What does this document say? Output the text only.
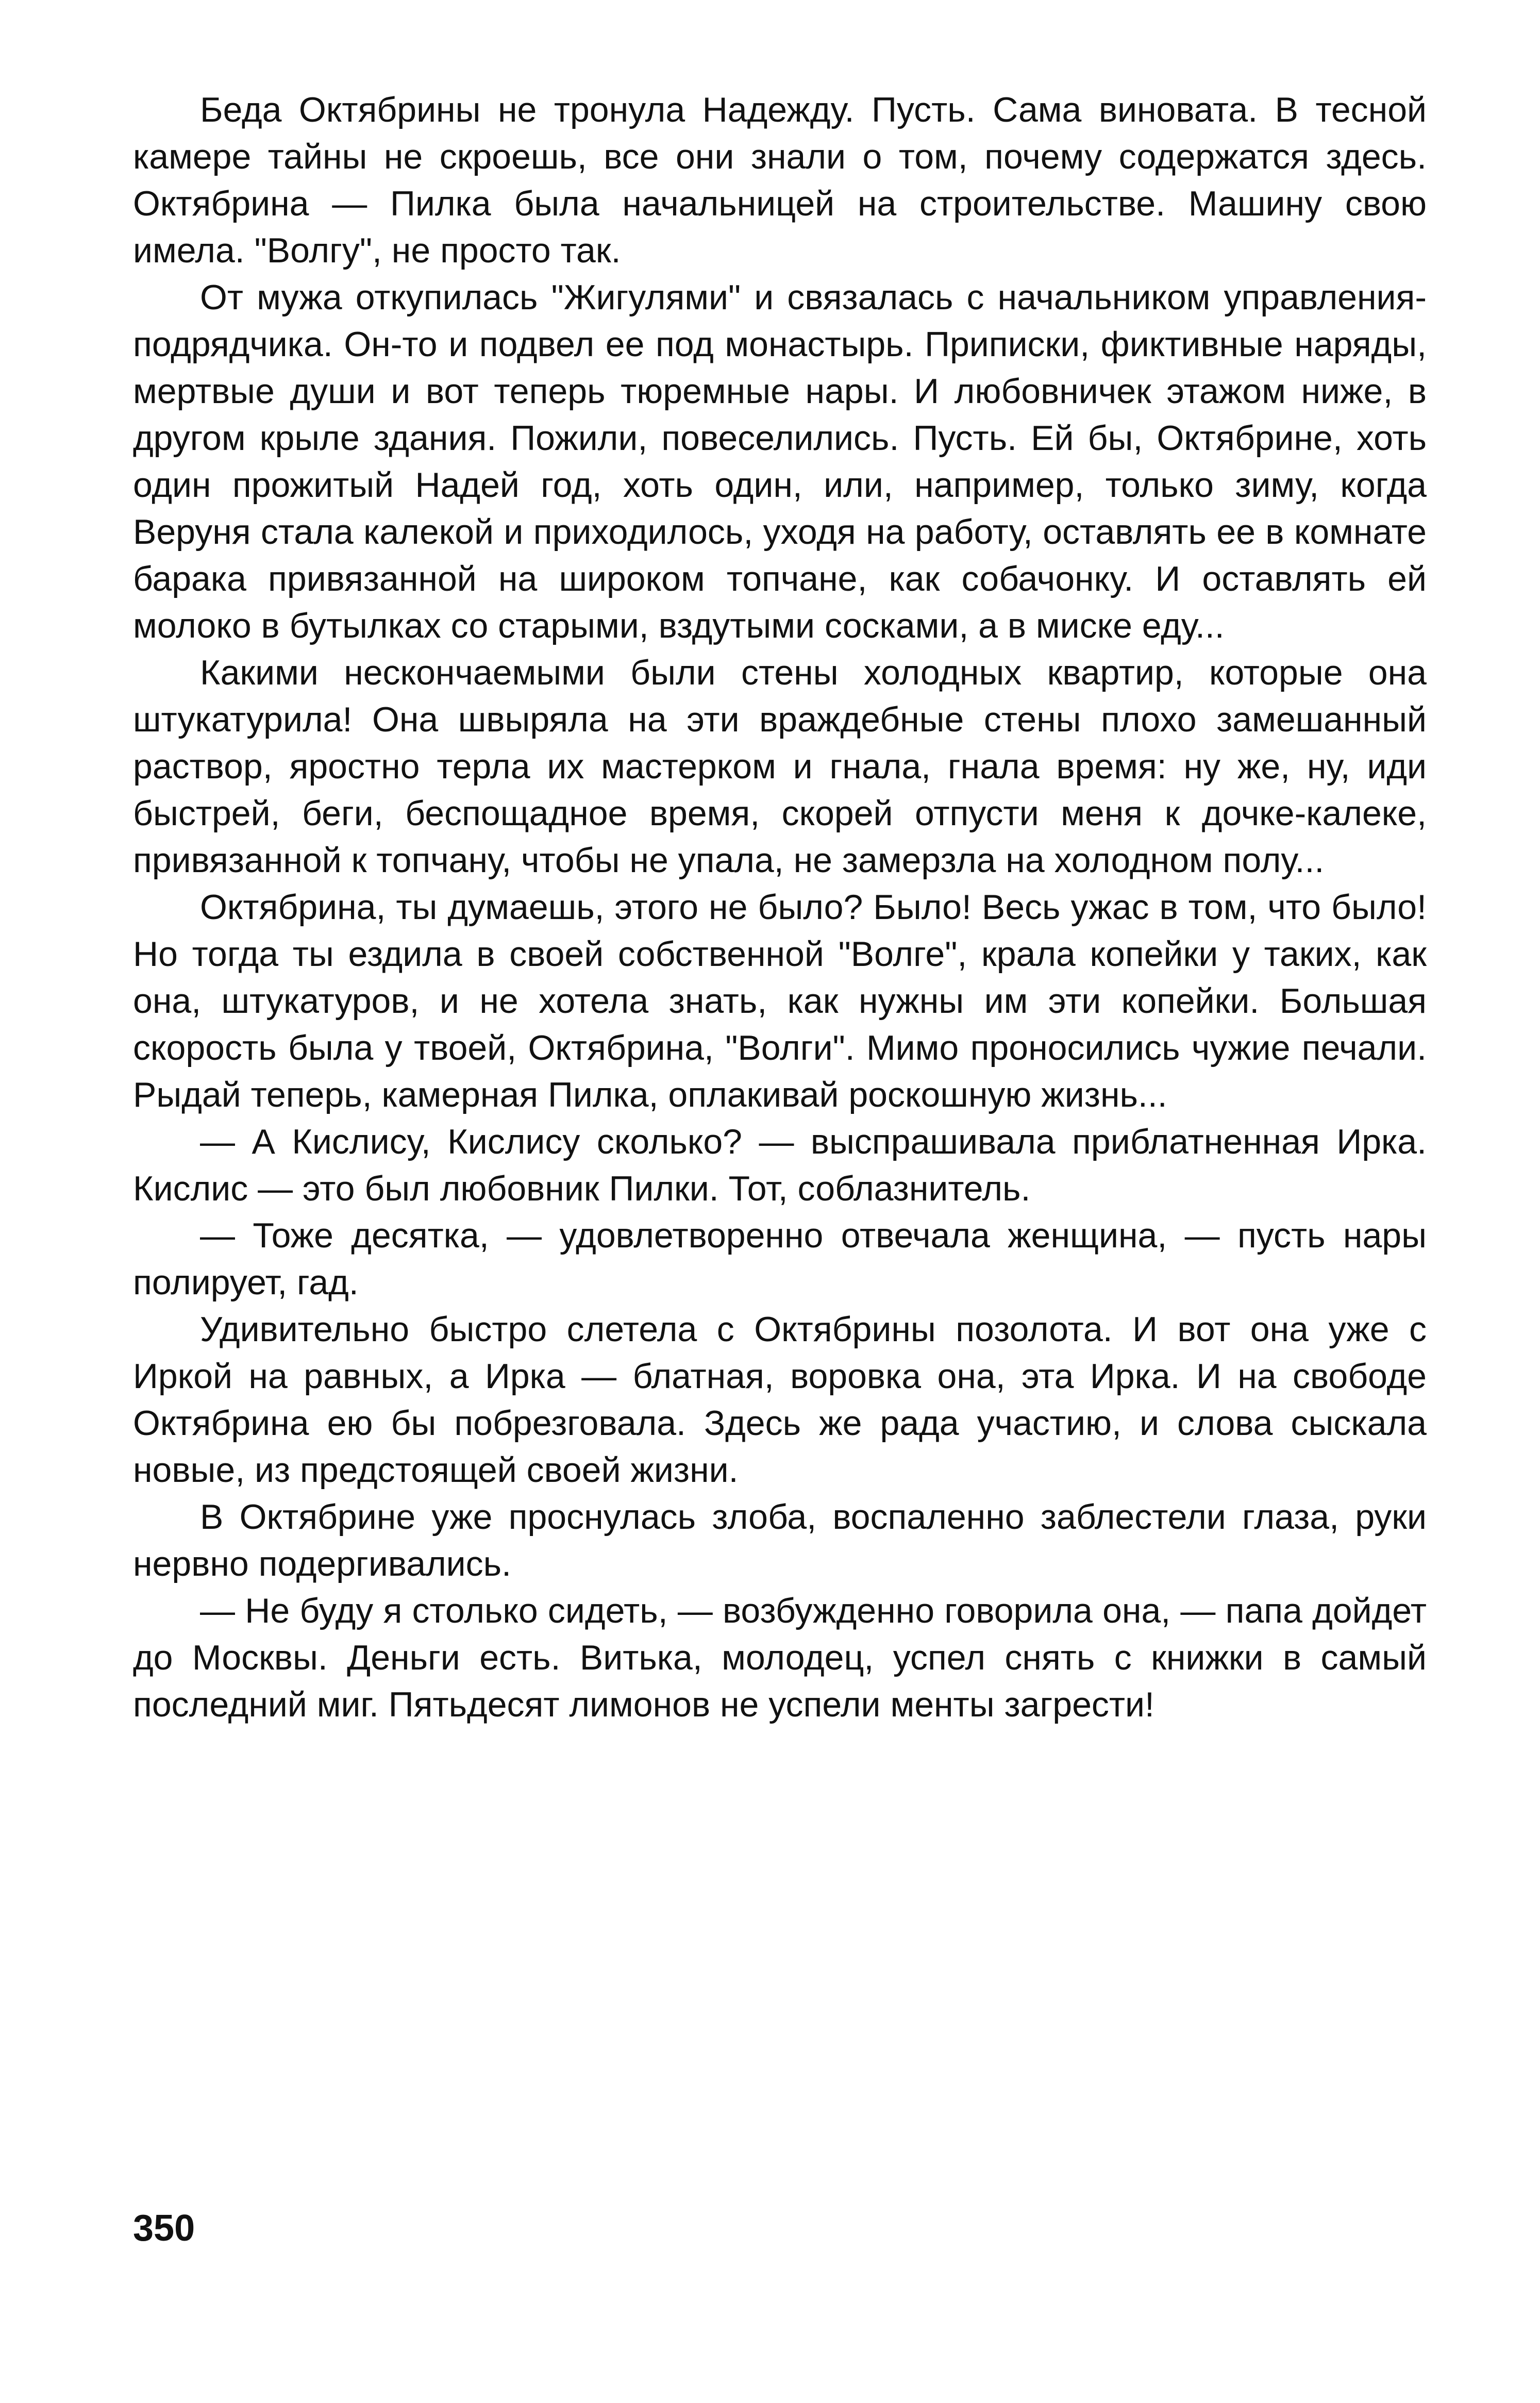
Беда Октябрины не тронула Надежду. Пусть. Сама виновата. В тесной камере тайны не скроешь, все они знали о том, почему содержатся здесь. Октябрина — Пилка была начальницей на строительстве. Машину свою имела. "Волгу", не просто так.

От мужа откупилась "Жигулями" и связалась с начальником управления-подрядчика. Он-то и подвел ее под монастырь. Приписки, фиктивные наряды, мертвые души и вот теперь тюремные нары. И любовничек этажом ниже, в другом крыле здания. Пожили, повеселились. Пусть. Ей бы, Октябрине, хоть один прожитый Надей год, хоть один, или, например, только зиму, когда Веруня стала калекой и приходилось, уходя на работу, оставлять ее в комнате барака привязанной на широком топчане, как собачонку. И оставлять ей молоко в бутылках со старыми, вздутыми сосками, а в миске еду...

Какими нескончаемыми были стены холодных квартир, которые она штукатурила! Она швыряла на эти враждебные стены плохо замешанный раствор, яростно терла их мастерком и гнала, гнала время: ну же, ну, иди быстрей, беги, беспощадное время, скорей отпусти меня к дочке-калеке, привязанной к топчану, чтобы не упала, не замерзла на холодном полу...

Октябрина, ты думаешь, этого не было? Было! Весь ужас в том, что было! Но тогда ты ездила в своей собственной "Волге", крала копейки у таких, как она, штукатуров, и не хотела знать, как нужны им эти копейки. Большая скорость была у твоей, Октябрина, "Волги". Мимо проносились чужие печали. Рыдай теперь, камерная Пилка, оплакивай роскошную жизнь...

— А Кислису, Кислису сколько? — выспрашивала приблатненная Ирка. Кислис — это был любовник Пилки. Тот, соблазнитель.

— Тоже десятка, — удовлетворенно отвечала женщина, — пусть нары полирует, гад.

Удивительно быстро слетела с Октябрины позолота. И вот она уже с Иркой на равных, а Ирка — блатная, воровка она, эта Ирка. И на свободе Октябрина ею бы побрезговала. Здесь же рада участию, и слова сыскала новые, из предстоящей своей жизни.

В Октябрине уже проснулась злоба, воспаленно заблестели глаза, руки нервно подергивались.

— Не буду я столько сидеть, — возбужденно говорила она, — папа дойдет до Москвы. Деньги есть. Витька, молодец, успел снять с книжки в самый последний миг. Пятьдесят лимонов не успели менты загрести!

350
